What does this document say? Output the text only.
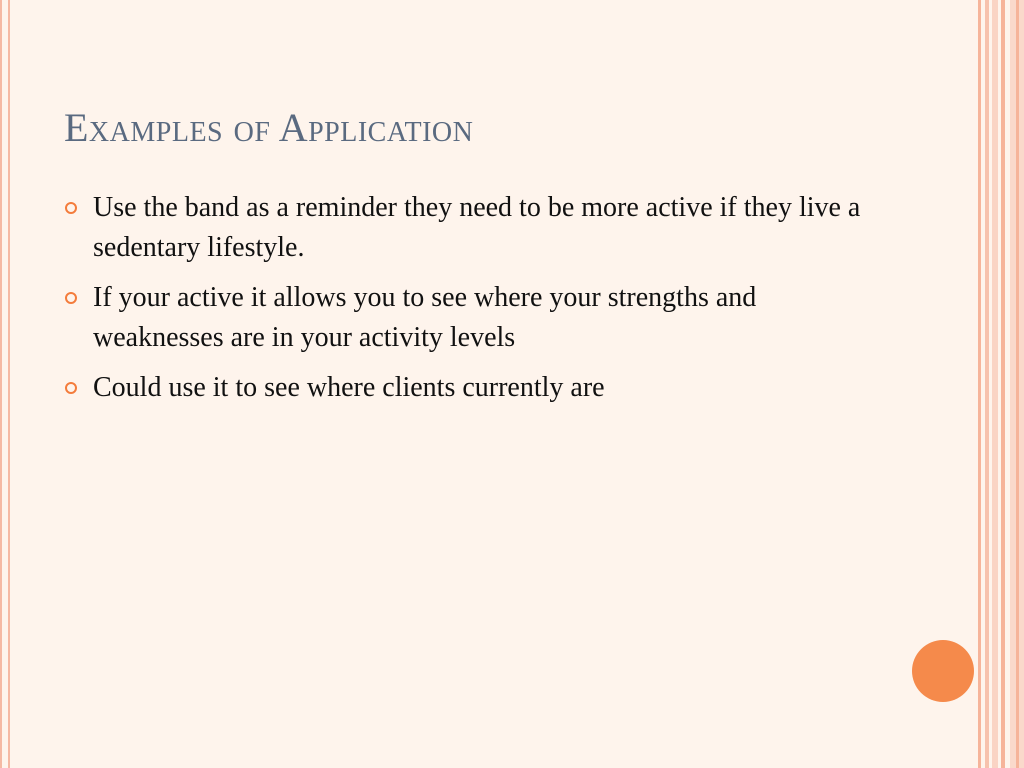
Examples of Application
Use the band as a reminder they need to be more active if they live a sedentary lifestyle.
If your active it allows you to see where your strengths and weaknesses are in your activity levels
Could use it to see where clients currently are
